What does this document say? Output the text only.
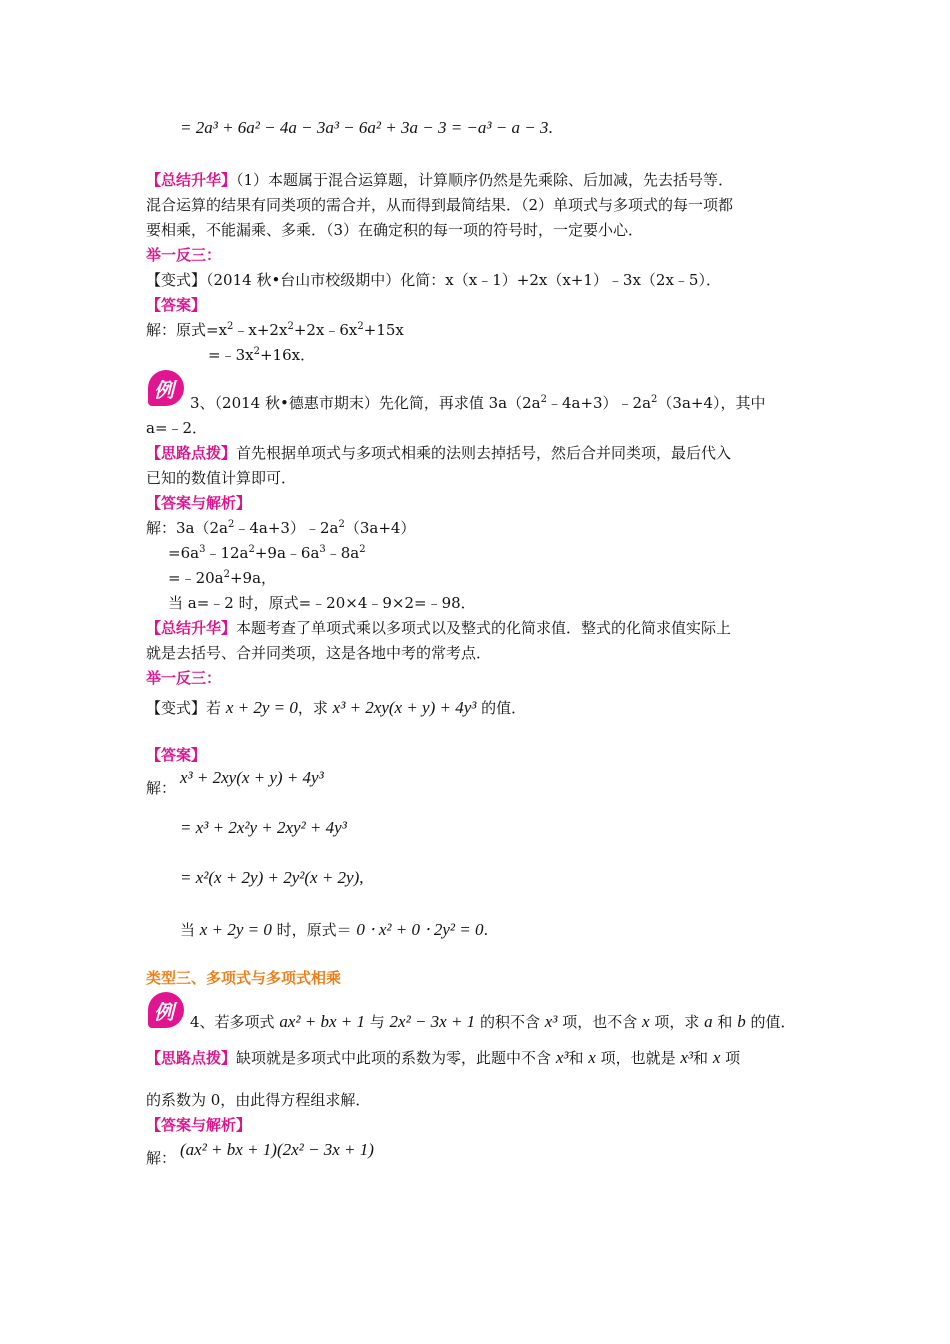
= 2a³ + 6a² − 4a − 3a³ − 6a² + 3a − 3 = −a³ − a − 3.
【总结升华】（1）本题属于混合运算题，计算顺序仍然是先乘除、后加减，先去括号等．
混合运算的结果有同类项的需合并，从而得到最简结果．（2）单项式与多项式的每一项都
要相乘，不能漏乘、多乘．（3）在确定积的每一项的符号时，一定要小心．
举一反三：
【变式】（2014 秋•台山市校级期中）化简：x（x﹣1）+2x（x+1）﹣3x（2x﹣5）．
【答案】
解：原式$=x^2﹣x+2x^2+2x﹣6x^2+15x$
$=﹣3x^2+16x$．
例
3、（2014 秋•德惠市期末）先化简，再求值 $3a(2a^2﹣4a+3)﹣2a^2(3a+4)$，其中
a=﹣2．
【思路点拨】首先根据单项式与多项式相乘的法则去掉括号，然后合并同类项，最后代入
已知的数值计算即可．
【答案与解析】
解：$3a(2a^2﹣4a+3)﹣2a^2(3a+4)$
$=6a^3﹣12a^2+9a﹣6a^3﹣8a^2$
$=﹣20a^2+9a$，
当 a=﹣2 时，原式=﹣20×4﹣9×2=﹣98．
【总结升华】本题考查了单项式乘以多项式以及整式的化简求值．整式的化简求值实际上
就是去括号、合并同类项，这是各地中考的常考点．
举一反三：
【变式】若 x + 2y = 0，求 x³ + 2xy(x + y) + 4y³ 的值．
【答案】
解：
x³ + 2xy(x + y) + 4y³
= x³ + 2x²y + 2xy² + 4y³
= x²(x + 2y) + 2y²(x + 2y),
当 x + 2y = 0 时，原式＝ 0 ⋅ x² + 0 ⋅ 2y² = 0.
类型三、多项式与多项式相乘
例 4、若多项式 ax² + bx + 1 与 2x² − 3x + 1 的积不含 x³ 项，也不含 x 项，求 a 和 b 的值．
【思路点拨】缺项就是多项式中此项的系数为零，此题中不含 x³和 x 项，也就是 x³和 x 项
的系数为 0，由此得方程组求解．
【答案与解析】
解： (ax² + bx + 1)(2x² − 3x + 1)
